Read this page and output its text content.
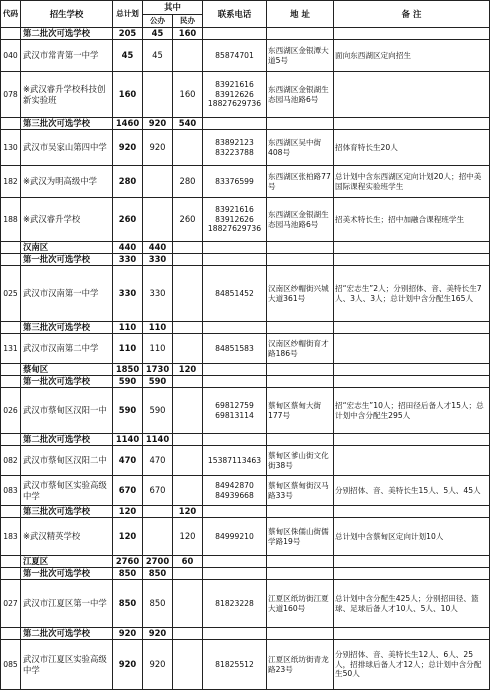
代码	招生学校	总计划	其中		联系电话	地 址	备 注
			公办	民办			
	第二批次可选学校	205	45	160			
040	武汉市常青第一中学	45	45		85874701	东西湖区金银潭大道5号	面向东西湖区定向招生
078	※武汉睿升学校科技创新实验班	160		160	83921616 83912626 18827629736	东西湖区金银湖生态园马池路6号	
	第三批次可选学校	1460	920	540			
130	武汉市吴家山第四中学	920	920		83892123 83223788	东西湖区吴中街408号	招体育特长生20人
182	※武汉为明高级中学	280		280	83376599	东西湖区张柏路77号	总计划中含东西湖区定向计划20人；招中美国际课程实验班学生
188	※武汉睿升学校	260		260	83921616 83912626 18827629736	东西湖区金银湖生态园马池路6号	招美术特长生；招中加融合课程班学生
	汉南区	440	440				
	第一批次可选学校	330	330				
025	武汉市汉南第一中学	330	330		84851452	汉南区纱帽街兴城大道361号	招“宏志生”2人；分别招体、音、美特长生7人、3人、3人；总计划中含分配生165人
	第三批次可选学校	110	110				
131	武汉市汉南第二中学	110	110		84851583	汉南区纱帽街育才路186号	
	蔡甸区	1850	1730	120			
	第一批次可选学校	590	590				
026	武汉市蔡甸区汉阳一中	590	590		69812759 69813114	蔡甸区蔡甸大街177号	招“宏志生”10人；招田径后备人才15人；总计划中含分配生295人
	第二批次可选学校	1140	1140				
082	武汉市蔡甸区汉阳二中	470	470		15387113463	蔡甸区爹山街文化街38号	
083	武汉市蔡甸区实验高级中学	670	670		84942870 84939668	蔡甸区蔡甸街汉马路33号	分别招体、音、美特长生15人、5人、45人
	第三批次可选学校	120		120			
183	※武汉精英学校	120		120	84999210	蔡甸区侏儒山街儒学路19号	总计划中含蔡甸区定向计划10人
	江夏区	2760	2700	60			
	第一批次可选学校	850	850				
027	武汉市江夏区第一中学	850	850		81823228	江夏区纸坊街江夏大道160号	总计划中含分配生425人；分别招田径、篮球、足球后备人才10人、5人、10人
	第二批次可选学校	920	920				
085	武汉市江夏区实验高级中学	920	920		81825512	江夏区纸坊街青龙路23号	分别招体、音、美特长生12人、6人、25人，招排球后备人才12人；总计划中含分配生50人
